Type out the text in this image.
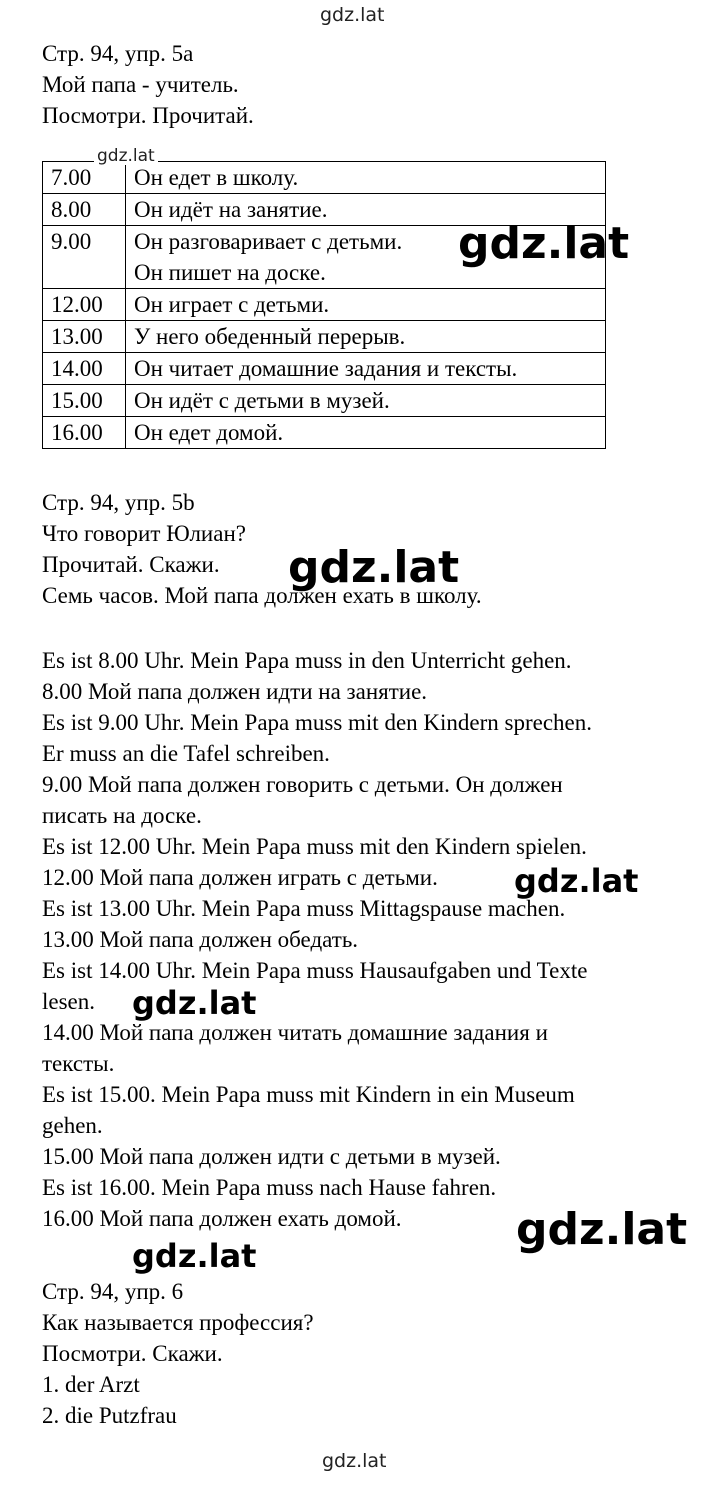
gdz.lat
Стр. 94, упр. 5а
Мой папа - учитель.
Посмотри. Прочитай.
7.00	Он едет в школу.

8.00	Он идёт на занятие.

9.00	Он разговаривает с детьми.
Он пишет на доске.

12.00	Он играет с детьми.

13.00	У него обеденный перерыв.

14.00	Он читает домашние задания и тексты.

15.00	Он идёт с детьми в музей.

16.00	Он едет домой.
gdz.lat
gdz.lat
Стр. 94, упр. 5b
Что говорит Юлиан?
Прочитай. Скажи.
Семь часов. Мой папа должен ехать в школу.
gdz.lat
Es ist 8.00 Uhr. Mein Papa muss in den Unterricht gehen.
8.00 Мой папа должен идти на занятие.
Es ist 9.00 Uhr. Mein Papa muss mit den Kindern sprechen.
Er muss an die Tafel schreiben.
9.00 Мой папа должен говорить с детьми. Он должен
писать на доске.
Es ist 12.00 Uhr. Mein Papa muss mit den Kindern spielen.
12.00 Мой папа должен играть с детьми.
Es ist 13.00 Uhr. Mein Papa muss Mittagspause machen.
13.00 Мой папа должен обедать.
Es ist 14.00 Uhr. Mein Papa muss Hausaufgaben und Texte
lesen.
14.00 Мой папа должен читать домашние задания и
тексты.
Es ist 15.00. Mein Papa muss mit Kindern in ein Museum
gehen.
15.00 Мой папа должен идти с детьми в музей.
Es ist 16.00. Mein Papa muss nach Hause fahren.
16.00 Мой папа должен ехать домой.
gdz.lat
gdz.lat
gdz.lat
gdz.lat
Стр. 94, упр. 6
Как называется профессия?
Посмотри. Скажи.
1. der Arzt
2. die Putzfrau
gdz.lat
